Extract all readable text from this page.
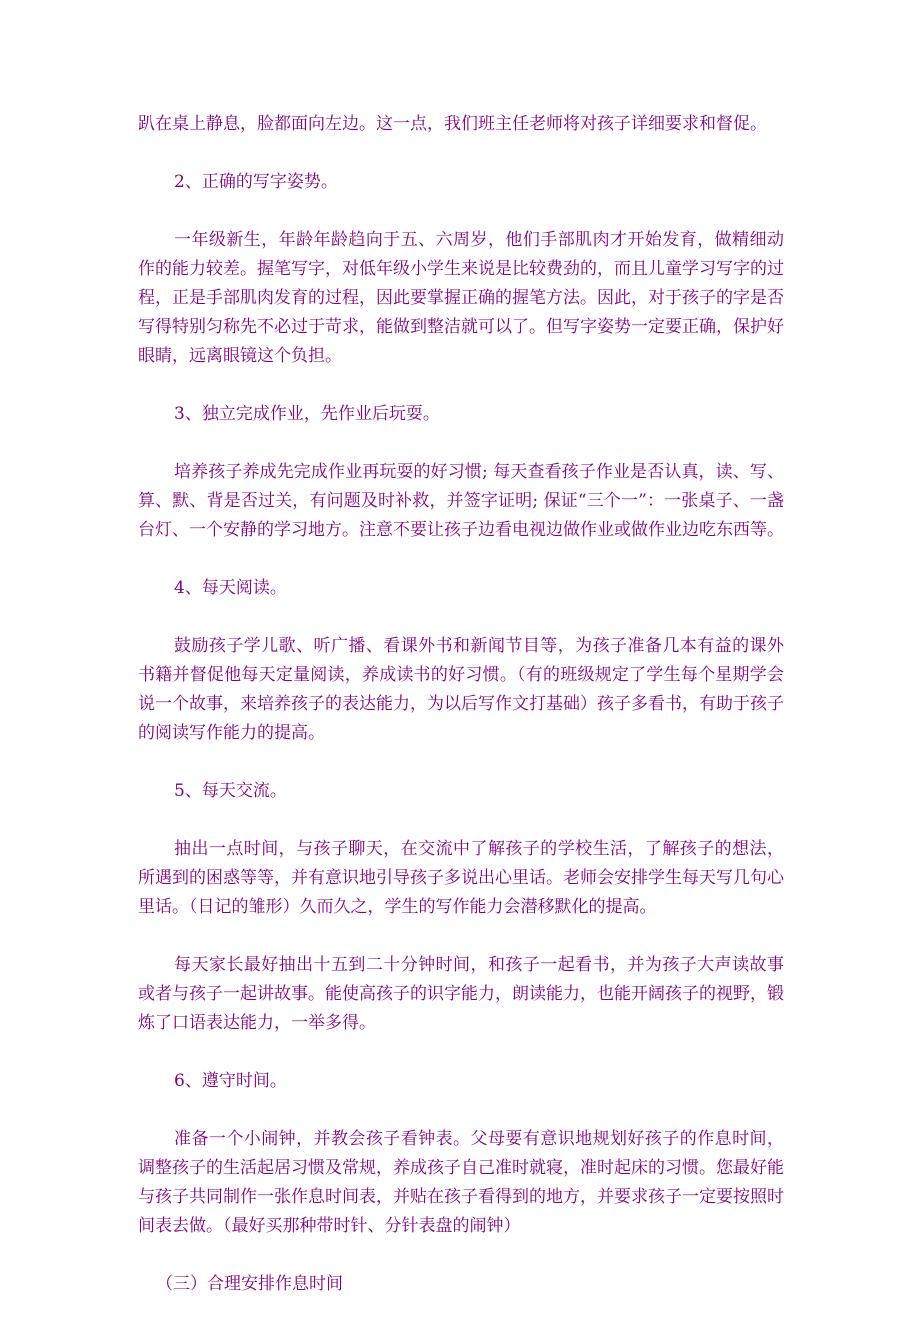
趴在桌上静息，脸都面向左边。这一点，我们班主任老师将对孩子详细要求和督促。

2、正确的写字姿势。

一年级新生，年龄年龄趋向于五、六周岁，他们手部肌肉才开始发育，做精细动作的能力较差。握笔写字，对低年级小学生来说是比较费劲的，而且儿童学习写字的过程，正是手部肌肉发育的过程，因此要掌握正确的握笔方法。因此，对于孩子的字是否写得特别匀称先不必过于苛求，能做到整洁就可以了。但写字姿势一定要正确，保护好眼睛，远离眼镜这个负担。

3、独立完成作业，先作业后玩耍。

培养孩子养成先完成作业再玩耍的好习惯; 每天查看孩子作业是否认真，读、写、算、默、背是否过关，有问题及时补救，并签字证明; 保证“三个一”：一张桌子、一盏台灯、一个安静的学习地方。注意不要让孩子边看电视边做作业或做作业边吃东西等。

4、每天阅读。

鼓励孩子学儿歌、听广播、看课外书和新闻节目等，为孩子准备几本有益的课外书籍并督促他每天定量阅读，养成读书的好习惯。（有的班级规定了学生每个星期学会说一个故事，来培养孩子的表达能力，为以后写作文打基础）孩子多看书，有助于孩子的阅读写作能力的提高。

5、每天交流。

抽出一点时间，与孩子聊天，在交流中了解孩子的学校生活，了解孩子的想法，所遇到的困惑等等，并有意识地引导孩子多说出心里话。老师会安排学生每天写几句心里话。（日记的雏形）久而久之，学生的写作能力会潜移默化的提高。

每天家长最好抽出十五到二十分钟时间，和孩子一起看书，并为孩子大声读故事或者与孩子一起讲故事。能使高孩子的识字能力，朗读能力，也能开阔孩子的视野，锻炼了口语表达能力，一举多得。

6、遵守时间。

准备一个小闹钟，并教会孩子看钟表。父母要有意识地规划好孩子的作息时间，调整孩子的生活起居习惯及常规，养成孩子自己准时就寝，准时起床的习惯。您最好能与孩子共同制作一张作息时间表，并贴在孩子看得到的地方，并要求孩子一定要按照时间表去做。（最好买那种带时针、分针表盘的闹钟）

（三）合理安排作息时间
